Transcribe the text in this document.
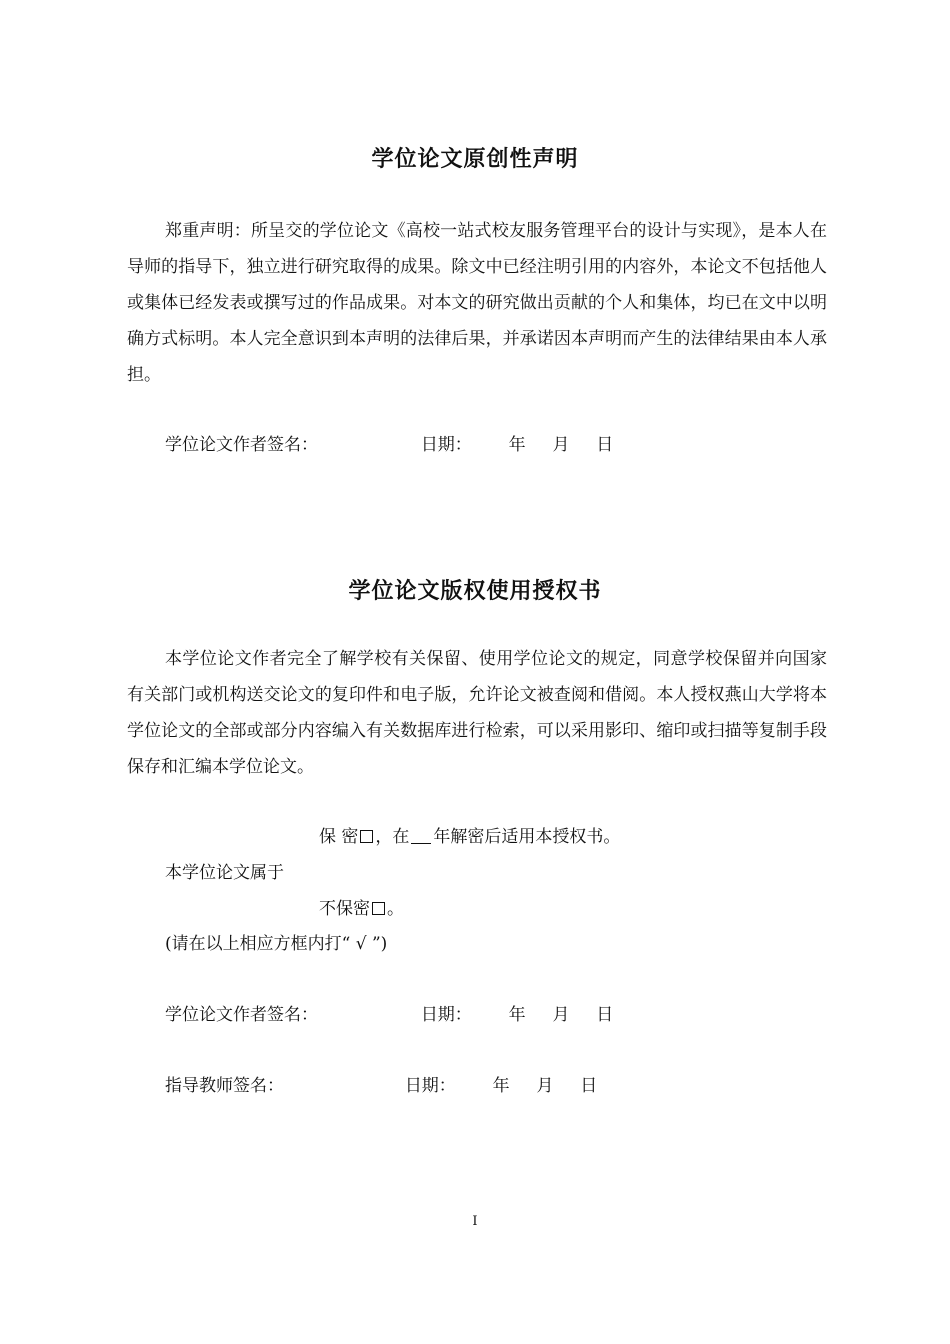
学位论文原创性声明
郑重声明：所呈交的学位论文《高校一站式校友服务管理平台的设计与实现》，是本人在导师的指导下，独立进行研究取得的成果。除文中已经注明引用的内容外，本论文不包括他人或集体已经发表或撰写过的作品成果。对本文的研究做出贡献的个人和集体，均已在文中以明确方式标明。本人完全意识到本声明的法律后果，并承诺因本声明而产生的法律结果由本人承担。
学位论文作者签名：	日期： 年 月 日
学位论文版权使用授权书
本学位论文作者完全了解学校有关保留、使用学位论文的规定，同意学校保留并向国家有关部门或机构送交论文的复印件和电子版，允许论文被查阅和借阅。本人授权燕山大学将本学位论文的全部或部分内容编入有关数据库进行检索，可以采用影印、缩印或扫描等复制手段保存和汇编本学位论文。
保 密 ，在 年解密后适用本授权书。
本学位论文属于
不保密 。
(请在以上相应方框内打“ √ ”)
学位论文作者签名：	日期： 年 月 日
指导教师签名：	日期： 年 月 日
I
